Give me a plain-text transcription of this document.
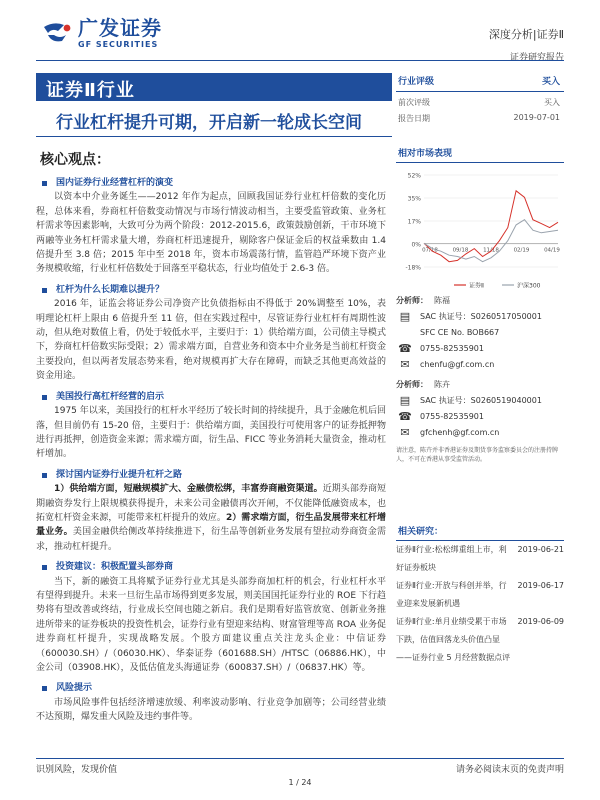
广发证券
GF SECURITIES
深度分析|证券Ⅱ
证券研究报告
证券Ⅱ行业
行业杠杆提升可期，开启新一轮成长空间
核心观点：
国内证券行业经营杠杆的演变
以资本中介业务诞生——2012 年作为起点，回顾我国证券行业杠杆倍数的变化历程，总体来看，券商杠杆倍数变动情况与市场行情波动相当，主要受监管政策、业务杠杆需求等因素影响，大致可分为两个阶段：2012-2015.6，政策鼓励创新，干市环境下两融等业务杠杆需求量大增，券商杠杆迅速提升，剔除客户保证金后的权益乘数由 1.4 倍提升至 3.8 倍；2015 年中至 2018 年，资本市场震荡行情，监管趋严环境下资产业务规模收缩，行业杠杆倍数处于回落至平稳状态，行业均值处于 2.6-3 倍。
杠杆为什么长期难以提升？
2016 年，证监会将证券公司净资产比负债指标由不得低于 20%调整至 10%，表明理论杠杆上限由 6 倍提升至 11 倍，但在实践过程中，尽管证券行业杠杆有周期性波动，但从绝对数值上看，仍处于较低水平，主要归于：1）供给端方面，公司债主导模式下，券商杠杆倍数实际受限；2）需求端方面，自营业务和资本中介业务是当前杠杆资金主要投向，但以两者发展态势来看，绝对规模再扩大存在障碍，而缺乏其他更高效益的资金用途。
美国投行高杠杆经营的启示
1975 年以来，美国投行的杠杆水平经历了较长时间的持续提升，具于金融危机后回落，但目前仍有 15-20 倍，主要归于：供给端方面，美国投行可使用客户的证券抵押物进行再抵押，创造资金来源；需求端方面，衍生品、FICC 等业务消耗大量资金，推动杠杆增加。
探讨国内证券行业提升杠杆之路
1）供给端方面，短融规模扩大、金融债松绑，丰富券商融资渠道。近期头部券商短期融资券发行上限规模获得提升，未来公司金融债再次开闸，不仅能降低融资成本，也拓宽杠杆资金来源，可能带来杠杆提升的效应。2）需求端方面，衍生品发展带来杠杆增量业务。美国金融供给侧改革持续推进下，衍生品等创新业务发展有望拉动券商资金需求，推动杠杆提升。
投资建议：积极配置头部券商
当下，新的融资工具将赋予证券行业尤其是头部券商加杠杆的机会，行业杠杆水平有望得到提升。未来一旦衍生品市场得到更多发展，则美国国托证券行业的 ROE 下行趋势将有望改善或终结，行业成长空间也随之新启。我们是期看好监管放宽、创新业务推进所带来的证券板块的投资性机会，证券行业有望迎来结构、财富管理等高 ROA 业务促进券商杠杆提升，实现战略发展。个股方面建议重点关注龙头企业：中信证券（600030.SH）/（06030.HK）、华泰证券（601688.SH）/HTSC（06886.HK），中金公司（03908.HK），及低估值龙头海通证券（600837.SH）/（06837.HK）等。
风险提示
市场风险事件包括经济增速放缓、利率波动影响、行业竞争加剧等；公司经营业绩不达预期，爆发重大风险及违约事件等。
行业评级	买入
前次评级	买入
报告日期	2019-07-01
相对市场表现
52%
35%
17%
0%
-18%
07/18	09/18	11/18	02/19	04/19
证券Ⅱ	沪深300
分析师： 陈福
▤	SAC 执证号：S0260517050001
SFC CE No. BOB667
☎ 0755-82535901
✉	chenfu@gf.com.cn
分析师： 陈卉
▤	SAC 执证号：S0260519040001
☎ 0755-82535901
✉	gfchenh@gf.com.cn
请注意，陈卉并非香港证券及期货事务监察委员会的注册持牌人，不可在香港从事受监管活动。
相关研究：
证券Ⅱ行业:松松绑重组上市，利好证券板块
2019-06-21
证券Ⅱ行业:开放与科创并举，行业迎来发展新机遇
2019-06-17
证券Ⅱ行业:单月业绩受累于市场下跌，估值回落龙头价值凸显——证券行业 5 月经营数据点评
2019-06-09
识别风险，发现价值	请务必阅读末页的免责声明
1 / 24
